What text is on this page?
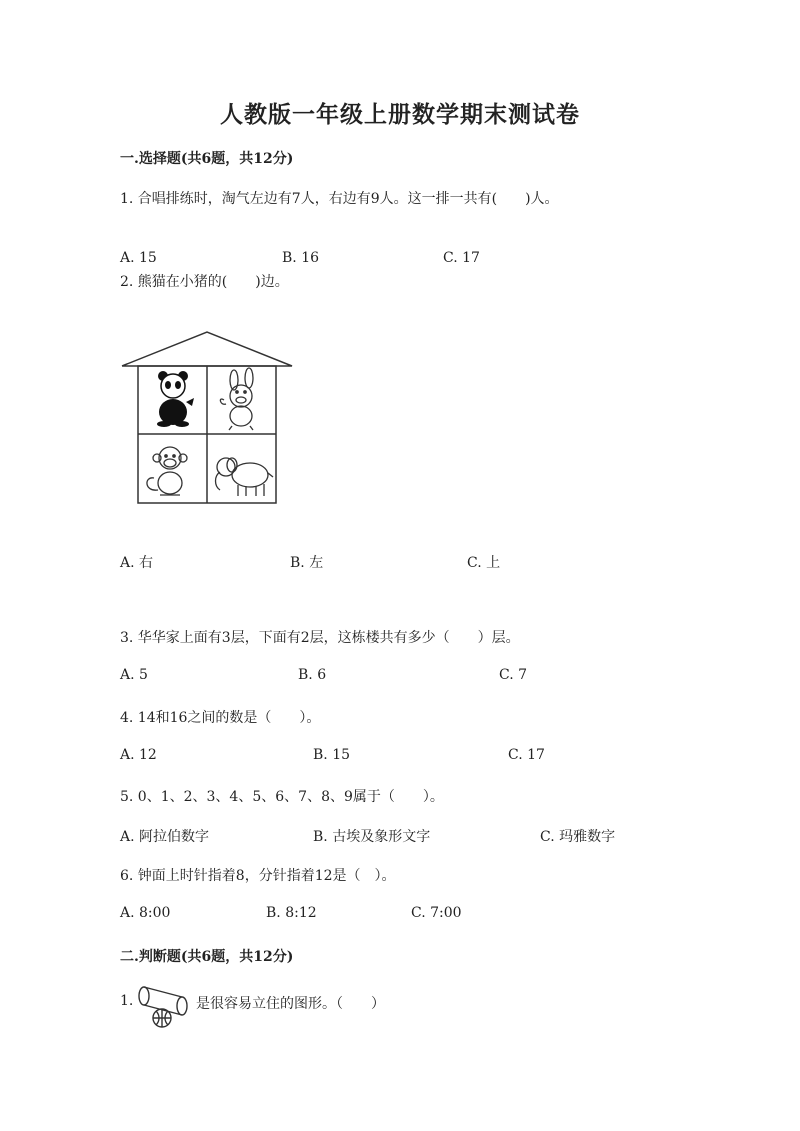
人教版一年级上册数学期末测试卷
一.选择题(共6题，共12分)
1. 合唱排练时，淘气左边有7人，右边有9人。这一排一共有(　　)人。
A. 15	B. 16	C. 17
2. 熊猫在小猪的(　　)边。
A. 右	B. 左	C. 上
3. 华华家上面有3层，下面有2层，这栋楼共有多少（　　）层。
A. 5	B. 6	C. 7
4. 14和16之间的数是（　　）。
A. 12	B. 15	C. 17
5. 0、1、2、3、4、5、6、7、8、9属于（　　）。
A. 阿拉伯数字	B. 古埃及象形文字	C. 玛雅数字
6. 钟面上时针指着8，分针指着12是（　）。
A. 8:00	B. 8:12	C. 7:00
二.判断题(共6题，共12分)
1.	是很容易立住的图形。（　　）
